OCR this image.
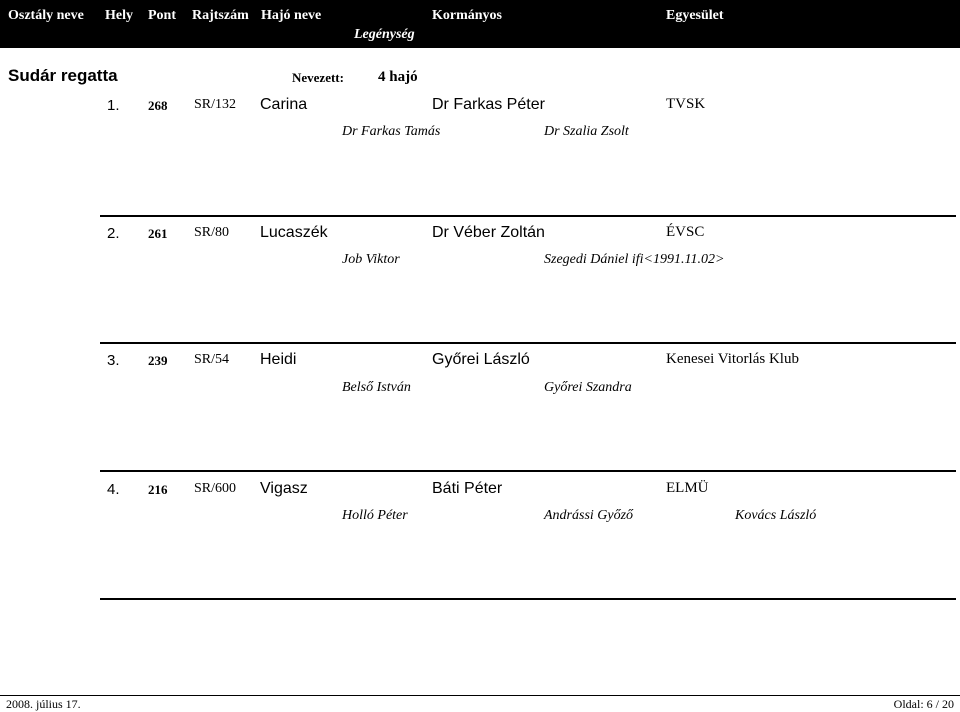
Osztály neve Hely Pont Rajtszám Hajó neve
Legénység
Kormányos	Egyesület
Sudár regatta	Nevezett: 4 hajó
1. 268 SR/132 Carina	Dr Farkas Péter	TVSK
Dr Farkas Tamás	Dr Szalia Zsolt
2. 261 SR/80 Lucaszék	Dr Véber Zoltán	ÉVSC
Job Viktor	Szegedi Dániel ifi<1991.11.02>
3. 239 SR/54 Heidi	Győrei László	Kenesei Vitorlás Klub
Belső István	Győrei Szandra
4. 216 SR/600 Vigasz	Báti Péter	ELMÜ
Holló Péter	Andrássi Győző	Kovács László
2008. július 17.	Oldal: 6 / 20
